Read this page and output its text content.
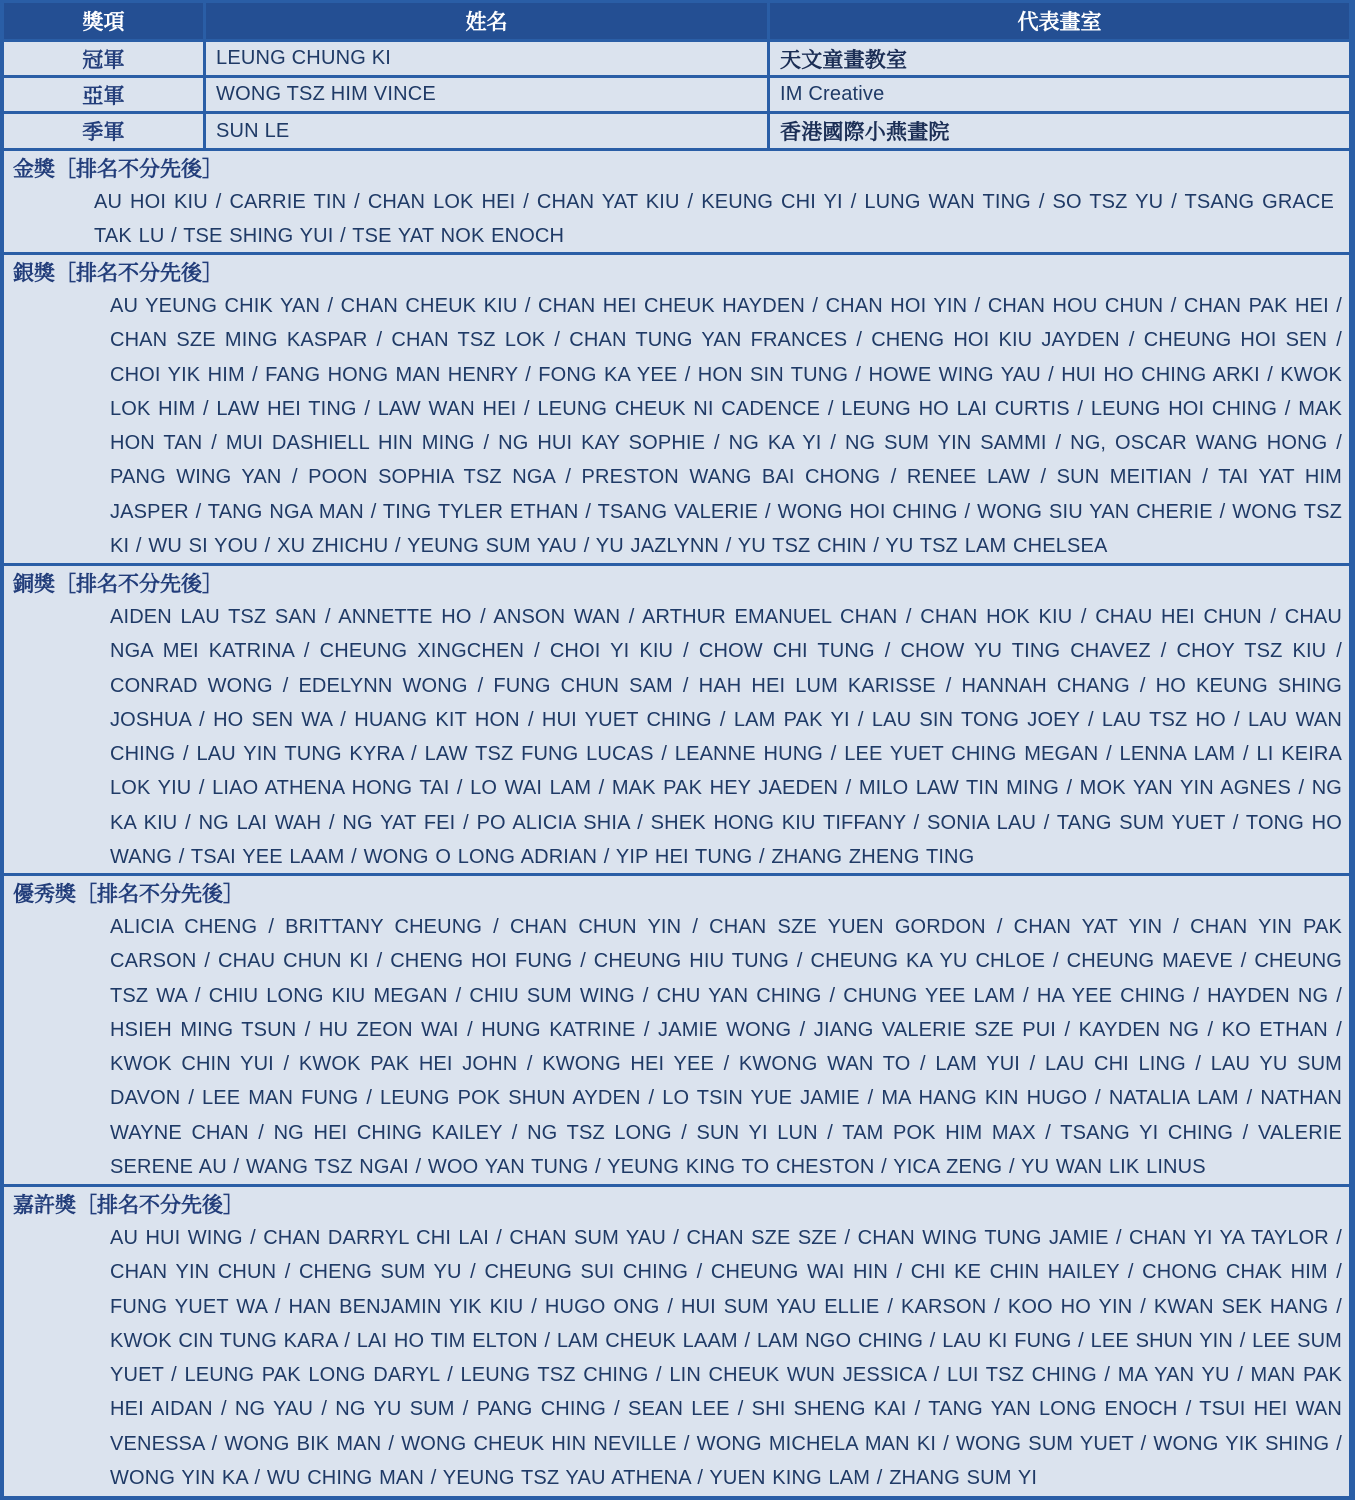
獎項	姓名	代表畫室
冠軍	LEUNG CHUNG KI	天文童畫教室
亞軍	WONG TSZ HIM VINCE	IM Creative
季軍	SUN LE	香港國際小燕畫院
金獎［排名不分先後］
AU HOI KIU / CARRIE TIN / CHAN LOK HEI / CHAN YAT KIU / KEUNG CHI YI / LUNG WAN TING / SO TSZ YU / TSANG GRACE TAK LU / TSE SHING YUI / TSE YAT NOK ENOCH
銀獎［排名不分先後］
AU YEUNG CHIK YAN / CHAN CHEUK KIU / CHAN HEI CHEUK HAYDEN / CHAN HOI YIN / CHAN HOU CHUN / CHAN PAK HEI / CHAN SZE MING KASPAR / CHAN TSZ LOK / CHAN TUNG YAN FRANCES / CHENG HOI KIU JAYDEN / CHEUNG HOI SEN / CHOI YIK HIM / FANG HONG MAN HENRY / FONG KA YEE / HON SIN TUNG / HOWE WING YAU / HUI HO CHING ARKI / KWOK LOK HIM / LAW HEI TING / LAW WAN HEI / LEUNG CHEUK NI CADENCE / LEUNG HO LAI CURTIS / LEUNG HOI CHING / MAK HON TAN / MUI DASHIELL HIN MING / NG HUI KAY SOPHIE / NG KA YI / NG SUM YIN SAMMI / NG, OSCAR WANG HONG / PANG WING YAN / POON SOPHIA TSZ NGA / PRESTON WANG BAI CHONG / RENEE LAW / SUN MEITIAN / TAI YAT HIM JASPER / TANG NGA MAN / TING TYLER ETHAN / TSANG VALERIE / WONG HOI CHING / WONG SIU YAN CHERIE / WONG TSZ KI / WU SI YOU / XU ZHICHU / YEUNG SUM YAU / YU JAZLYNN / YU TSZ CHIN / YU TSZ LAM CHELSEA
銅獎［排名不分先後］
AIDEN LAU TSZ SAN / ANNETTE HO / ANSON WAN / ARTHUR EMANUEL CHAN / CHAN HOK KIU / CHAU HEI CHUN / CHAU NGA MEI KATRINA / CHEUNG XINGCHEN / CHOI YI KIU / CHOW CHI TUNG / CHOW YU TING CHAVEZ / CHOY TSZ KIU / CONRAD WONG / EDELYNN WONG / FUNG CHUN SAM / HAH HEI LUM KARISSE / HANNAH CHANG / HO KEUNG SHING JOSHUA / HO SEN WA / HUANG KIT HON / HUI YUET CHING / LAM PAK YI / LAU SIN TONG JOEY / LAU TSZ HO / LAU WAN CHING / LAU YIN TUNG KYRA / LAW TSZ FUNG LUCAS / LEANNE HUNG / LEE YUET CHING MEGAN / LENNA LAM / LI KEIRA LOK YIU / LIAO ATHENA HONG TAI / LO WAI LAM / MAK PAK HEY JAEDEN / MILO LAW TIN MING / MOK YAN YIN AGNES / NG KA KIU / NG LAI WAH / NG YAT FEI / PO ALICIA SHIA / SHEK HONG KIU TIFFANY / SONIA LAU / TANG SUM YUET / TONG HO WANG / TSAI YEE LAAM / WONG O LONG ADRIAN / YIP HEI TUNG / ZHANG ZHENG TING
優秀獎［排名不分先後］
ALICIA CHENG / BRITTANY CHEUNG / CHAN CHUN YIN / CHAN SZE YUEN GORDON / CHAN YAT YIN / CHAN YIN PAK CARSON / CHAU CHUN KI / CHENG HOI FUNG / CHEUNG HIU TUNG / CHEUNG KA YU CHLOE / CHEUNG MAEVE / CHEUNG TSZ WA / CHIU LONG KIU MEGAN / CHIU SUM WING / CHU YAN CHING / CHUNG YEE LAM / HA YEE CHING / HAYDEN NG / HSIEH MING TSUN / HU ZEON WAI / HUNG KATRINE / JAMIE WONG / JIANG VALERIE SZE PUI / KAYDEN NG / KO ETHAN / KWOK CHIN YUI / KWOK PAK HEI JOHN / KWONG HEI YEE / KWONG WAN TO / LAM YUI / LAU CHI LING / LAU YU SUM DAVON / LEE MAN FUNG / LEUNG POK SHUN AYDEN / LO TSIN YUE JAMIE / MA HANG KIN HUGO / NATALIA LAM / NATHAN WAYNE CHAN / NG HEI CHING KAILEY / NG TSZ LONG / SUN YI LUN / TAM POK HIM MAX / TSANG YI CHING / VALERIE SERENE AU / WANG TSZ NGAI / WOO YAN TUNG / YEUNG KING TO CHESTON / YICA ZENG / YU WAN LIK LINUS
嘉許獎［排名不分先後］
AU HUI WING / CHAN DARRYL CHI LAI / CHAN SUM YAU / CHAN SZE SZE / CHAN WING TUNG JAMIE / CHAN YI YA TAYLOR / CHAN YIN CHUN / CHENG SUM YU / CHEUNG SUI CHING / CHEUNG WAI HIN / CHI KE CHIN HAILEY / CHONG CHAK HIM / FUNG YUET WA / HAN BENJAMIN YIK KIU / HUGO ONG / HUI SUM YAU ELLIE / KARSON / KOO HO YIN / KWAN SEK HANG / KWOK CIN TUNG KARA / LAI HO TIM ELTON / LAM CHEUK LAAM / LAM NGO CHING / LAU KI FUNG / LEE SHUN YIN / LEE SUM YUET / LEUNG PAK LONG DARYL / LEUNG TSZ CHING / LIN CHEUK WUN JESSICA / LUI TSZ CHING / MA YAN YU / MAN PAK HEI AIDAN / NG YAU / NG YU SUM / PANG CHING / SEAN LEE / SHI SHENG KAI / TANG YAN LONG ENOCH / TSUI HEI WAN VENESSA / WONG BIK MAN / WONG CHEUK HIN NEVILLE / WONG MICHELA MAN KI / WONG SUM YUET / WONG YIK SHING / WONG YIN KA / WU CHING MAN / YEUNG TSZ YAU ATHENA / YUEN KING LAM / ZHANG SUM YI
